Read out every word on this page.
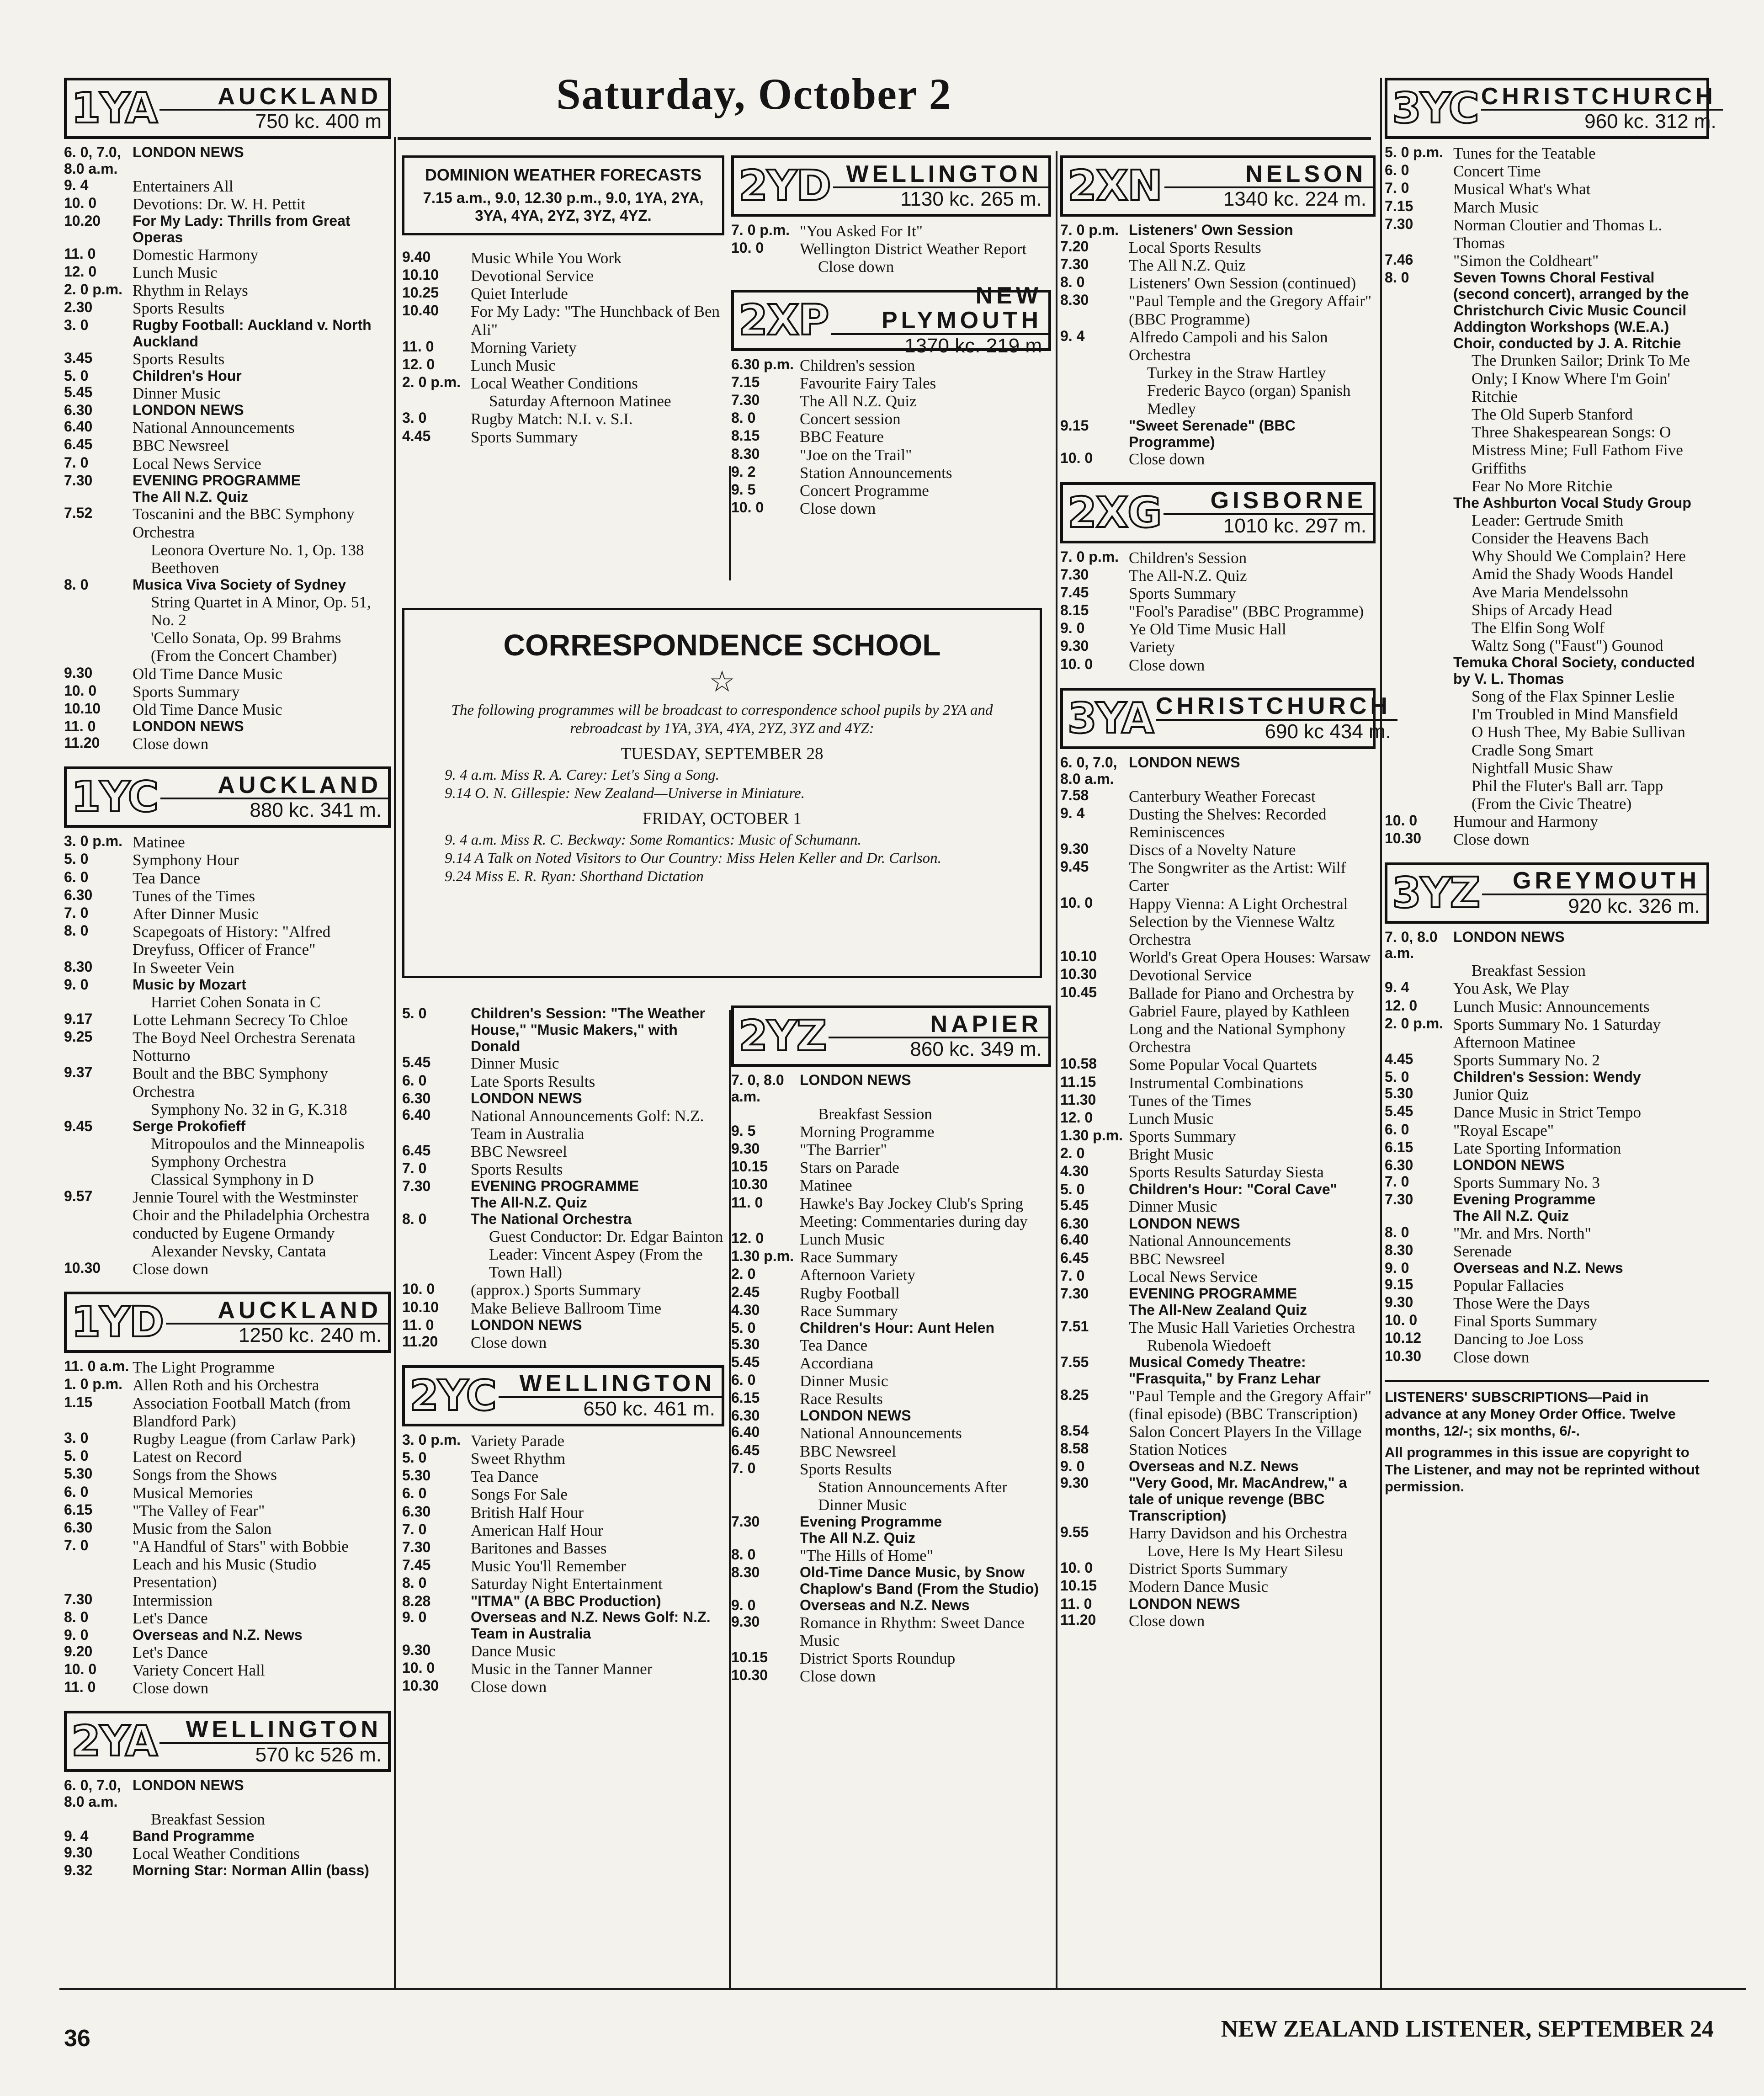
Saturday, October 2
1YA	AUCKLAND
750 kc. 400 m
6. 0, 7.0, 8.0 a.m.
LONDON NEWS
9. 4	Entertainers All
10. 0	Devotions: Dr. W. H. Pettit
10.20	For My Lady: Thrills from Great Operas
11. 0	Domestic Harmony
12. 0	Lunch Music
2. 0 p.m. Rhythm in Relays
2.30	Sports Results
3. 0	Rugby Football: Auckland v. North Auckland
3.45	Sports Results
5. 0	Children's Hour
5.45	Dinner Music
6.30	LONDON NEWS
6.40	National Announcements
6.45	BBC Newsreel
7. 0	Local News Service
7.30	EVENING PROGRAMME
The All N.Z. Quiz
7.52	Toscanini and the BBC Symphony Orchestra
Leonora Overture No. 1, Op. 138 Beethoven
8. 0	Musica Viva Society of Sydney
String Quartet in A Minor, Op. 51, No. 2
'Cello Sonata, Op. 99 Brahms
(From the Concert Chamber)
9.30	Old Time Dance Music
10. 0	Sports Summary
10.10	Old Time Dance Music
11. 0	LONDON NEWS
11.20	Close down
1YC	AUCKLAND
880 kc. 341 m.
3. 0 p.m. Matinee
5. 0	Symphony Hour
6. 0	Tea Dance
6.30	Tunes of the Times
7. 0	After Dinner Music
8. 0	Scapegoats of History: "Alfred Dreyfuss, Officer of France"
8.30	In Sweeter Vein
9. 0	Music by Mozart
Harriet Cohen Sonata in C
9.17	Lotte Lehmann Secrecy To Chloe
9.25	The Boyd Neel Orchestra Serenata Notturno
9.37	Boult and the BBC Symphony Orchestra
Symphony No. 32 in G, K.318
9.45	Serge Prokofieff
Mitropoulos and the Minneapolis Symphony Orchestra
Classical Symphony in D
9.57	Jennie Tourel with the Westminster Choir and the Philadelphia Orchestra conducted by Eugene Ormandy
Alexander Nevsky, Cantata
10.30	Close down
1YD	AUCKLAND
1250 kc. 240 m.
11. 0 a.m. The Light Programme
1. 0 p.m. Allen Roth and his Orchestra
1.15	Association Football Match (from Blandford Park)
3. 0	Rugby League (from Carlaw Park)
5. 0	Latest on Record
5.30	Songs from the Shows
6. 0	Musical Memories
6.15	"The Valley of Fear"
6.30	Music from the Salon
7. 0	"A Handful of Stars" with Bobbie Leach and his Music (Studio Presentation)
7.30	Intermission
8. 0	Let's Dance
9. 0	Overseas and N.Z. News
9.20	Let's Dance
10. 0	Variety Concert Hall
11. 0	Close down
2YA	WELLINGTON
570 kc 526 m.
6. 0, 7.0, 8.0 a.m.
LONDON NEWS
Breakfast Session
9. 4	Band Programme
9.30	Local Weather Conditions
9.32	Morning Star: Norman Allin (bass)
DOMINION WEATHER FORECASTS
7.15 a.m., 9.0, 12.30 p.m., 9.0, 1YA, 2YA, 3YA, 4YA, 2YZ, 3YZ, 4YZ.
9.40	Music While You Work
10.10	Devotional Service
10.25	Quiet Interlude
10.40	For My Lady: "The Hunchback of Ben Ali"
11. 0	Morning Variety
12. 0	Lunch Music
2. 0 p.m. Local Weather Conditions
Saturday Afternoon Matinee
3. 0	Rugby Match: N.I. v. S.I.
4.45	Sports Summary
CORRESPONDENCE SCHOOL
☆
The following programmes will be broadcast to correspondence school pupils by 2YA and rebroadcast by 1YA, 3YA, 4YA, 2YZ, 3YZ and 4YZ:
TUESDAY, SEPTEMBER 28
9. 4 a.m. Miss R. A. Carey: Let's Sing a Song.
9.14 O. N. Gillespie: New Zealand—Universe in Miniature.
FRIDAY, OCTOBER 1
9. 4 a.m. Miss R. C. Beckway: Some Romantics: Music of Schumann.
9.14 A Talk on Noted Visitors to Our Country: Miss Helen Keller and Dr. Carlson.
9.24 Miss E. R. Ryan: Shorthand Dictation
5. 0	Children's Session: "The Weather House," "Music Makers," with Donald
5.45	Dinner Music
6. 0	Late Sports Results
6.30	LONDON NEWS
6.40	National Announcements Golf: N.Z. Team in Australia
6.45	BBC Newsreel
7. 0	Sports Results
7.30	EVENING PROGRAMME
The All-N.Z. Quiz
8. 0	The National Orchestra
Guest Conductor: Dr. Edgar Bainton
Leader: Vincent Aspey (From the Town Hall)
10. 0	(approx.) Sports Summary
10.10	Make Believe Ballroom Time
11. 0	LONDON NEWS
11.20	Close down
2YC WELLINGTON
650 kc. 461 m.
3. 0 p.m. Variety Parade
5. 0	Sweet Rhythm
5.30	Tea Dance
6. 0	Songs For Sale
6.30	British Half Hour
7. 0	American Half Hour
7.30	Baritones and Basses
7.45	Music You'll Remember
8. 0	Saturday Night Entertainment
8.28	"ITMA" (A BBC Production)
9. 0	Overseas and N.Z. News Golf: N.Z. Team in Australia
9.30	Dance Music
10. 0	Music in the Tanner Manner
10.30	Close down
2YD WELLINGTON
1130 kc. 265 m.
7. 0 p.m. "You Asked For It"
10. 0	Wellington District Weather Report
Close down
2XP	NEW PLYMOUTH
1370 kc. 219 m
6.30 p.m. Children's session
7.15	Favourite Fairy Tales
7.30	The All N.Z. Quiz
8. 0	Concert session
8.15	BBC Feature
8.30	"Joe on the Trail"
9. 2	Station Announcements
9. 5	Concert Programme
10. 0	Close down
2YZ	NAPIER
860 kc. 349 m.
7. 0, 8.0 a.m.
LONDON NEWS
Breakfast Session
9. 5	Morning Programme
9.30	"The Barrier"
10.15	Stars on Parade
10.30	Matinee
11. 0	Hawke's Bay Jockey Club's Spring Meeting: Commentaries during day
12. 0	Lunch Music
1.30 p.m. Race Summary
2. 0	Afternoon Variety
2.45	Rugby Football
4.30	Race Summary
5. 0	Children's Hour: Aunt Helen
5.30	Tea Dance
5.45	Accordiana
6. 0	Dinner Music
6.15	Race Results
6.30	LONDON NEWS
6.40	National Announcements
6.45	BBC Newsreel
7. 0	Sports Results
Station Announcements After Dinner Music
7.30	Evening Programme
The All N.Z. Quiz
8. 0	"The Hills of Home"
8.30	Old-Time Dance Music, by Snow Chaplow's Band (From the Studio)
9. 0	Overseas and N.Z. News
9.30	Romance in Rhythm: Sweet Dance Music
10.15	District Sports Roundup
10.30	Close down
2XN	NELSON
1340 kc. 224 m.
7. 0 p.m. Listeners' Own Session
7.20	Local Sports Results
7.30	The All N.Z. Quiz
8. 0	Listeners' Own Session (continued)
8.30	"Paul Temple and the Gregory Affair" (BBC Programme)
9. 4	Alfredo Campoli and his Salon Orchestra
Turkey in the Straw Hartley
Frederic Bayco (organ) Spanish Medley
9.15	"Sweet Serenade" (BBC Programme)
10. 0	Close down
2XG	GISBORNE
1010 kc. 297 m.
7. 0 p.m. Children's Session
7.30	The All-N.Z. Quiz
7.45	Sports Summary
8.15	"Fool's Paradise" (BBC Programme)
9. 0	Ye Old Time Music Hall
9.30	Variety
10. 0	Close down
3YA CHRISTCHURCH
690 kc 434 m.
6. 0, 7.0, 8.0 a.m.
LONDON NEWS
7.58	Canterbury Weather Forecast
9. 4	Dusting the Shelves: Recorded Reminiscences
9.30	Discs of a Novelty Nature
9.45	The Songwriter as the Artist: Wilf Carter
10. 0	Happy Vienna: A Light Orchestral Selection by the Viennese Waltz Orchestra
10.10	World's Great Opera Houses: Warsaw
10.30	Devotional Service
10.45	Ballade for Piano and Orchestra by Gabriel Faure, played by Kathleen Long and the National Symphony Orchestra
10.58	Some Popular Vocal Quartets
11.15	Instrumental Combinations
11.30	Tunes of the Times
12. 0	Lunch Music
1.30 p.m. Sports Summary
2. 0	Bright Music
4.30	Sports Results Saturday Siesta
5. 0	Children's Hour: "Coral Cave"
5.45	Dinner Music
6.30	LONDON NEWS
6.40	National Announcements
6.45	BBC Newsreel
7. 0	Local News Service
7.30	EVENING PROGRAMME
The All-New Zealand Quiz
7.51	The Music Hall Varieties Orchestra
Rubenola Wiedoeft
7.55	Musical Comedy Theatre: "Frasquita," by Franz Lehar
8.25	"Paul Temple and the Gregory Affair" (final episode) (BBC Transcription)
8.54	Salon Concert Players In the Village
8.58	Station Notices
9. 0	Overseas and N.Z. News
9.30	"Very Good, Mr. MacAndrew," a tale of unique revenge (BBC Transcription)
9.55	Harry Davidson and his Orchestra
Love, Here Is My Heart Silesu
10. 0	District Sports Summary
10.15	Modern Dance Music
11. 0	LONDON NEWS
11.20	Close down
3YC CHRISTCHURCH
960 kc. 312 m.
5. 0 p.m. Tunes for the Teatable
6. 0	Concert Time
7. 0	Musical What's What
7.15	March Music
7.30	Norman Cloutier and Thomas L. Thomas
7.46	"Simon the Coldheart"
8. 0	Seven Towns Choral Festival (second concert), arranged by the Christchurch Civic Music Council
Addington Workshops (W.E.A.) Choir, conducted by J. A. Ritchie
The Drunken Sailor; Drink To Me Only; I Know Where I'm Goin' Ritchie
The Old Superb Stanford
Three Shakespearean Songs: O Mistress Mine; Full Fathom Five Griffiths
Fear No More Ritchie
The Ashburton Vocal Study Group
Leader: Gertrude Smith
Consider the Heavens Bach
Why Should We Complain? Here Amid the Shady Woods Handel
Ave Maria Mendelssohn
Ships of Arcady Head
The Elfin Song Wolf
Waltz Song ("Faust") Gounod
Temuka Choral Society, conducted by V. L. Thomas
Song of the Flax Spinner Leslie
I'm Troubled in Mind Mansfield
O Hush Thee, My Babie Sullivan
Cradle Song Smart
Nightfall Music Shaw
Phil the Fluter's Ball arr. Tapp
(From the Civic Theatre)
10. 0	Humour and Harmony
10.30	Close down
3YZ	GREYMOUTH
920 kc. 326 m.
7. 0, 8.0 a.m.
LONDON NEWS
Breakfast Session
9. 4	You Ask, We Play
12. 0	Lunch Music: Announcements
2. 0 p.m. Sports Summary No. 1 Saturday Afternoon Matinee
4.45	Sports Summary No. 2
5. 0	Children's Session: Wendy
5.30	Junior Quiz
5.45	Dance Music in Strict Tempo
6. 0	"Royal Escape"
6.15	Late Sporting Information
6.30	LONDON NEWS
7. 0	Sports Summary No. 3
7.30	Evening Programme
The All N.Z. Quiz
8. 0	"Mr. and Mrs. North"
8.30	Serenade
9. 0	Overseas and N.Z. News
9.15	Popular Fallacies
9.30	Those Were the Days
10. 0	Final Sports Summary
10.12	Dancing to Joe Loss
10.30	Close down
LISTENERS' SUBSCRIPTIONS—Paid in advance at any Money Order Office. Twelve months, 12/-; six months, 6/-.
All programmes in this issue are copyright to The Listener, and may not be reprinted without permission.
36	NEW ZEALAND LISTENER, SEPTEMBER 24
